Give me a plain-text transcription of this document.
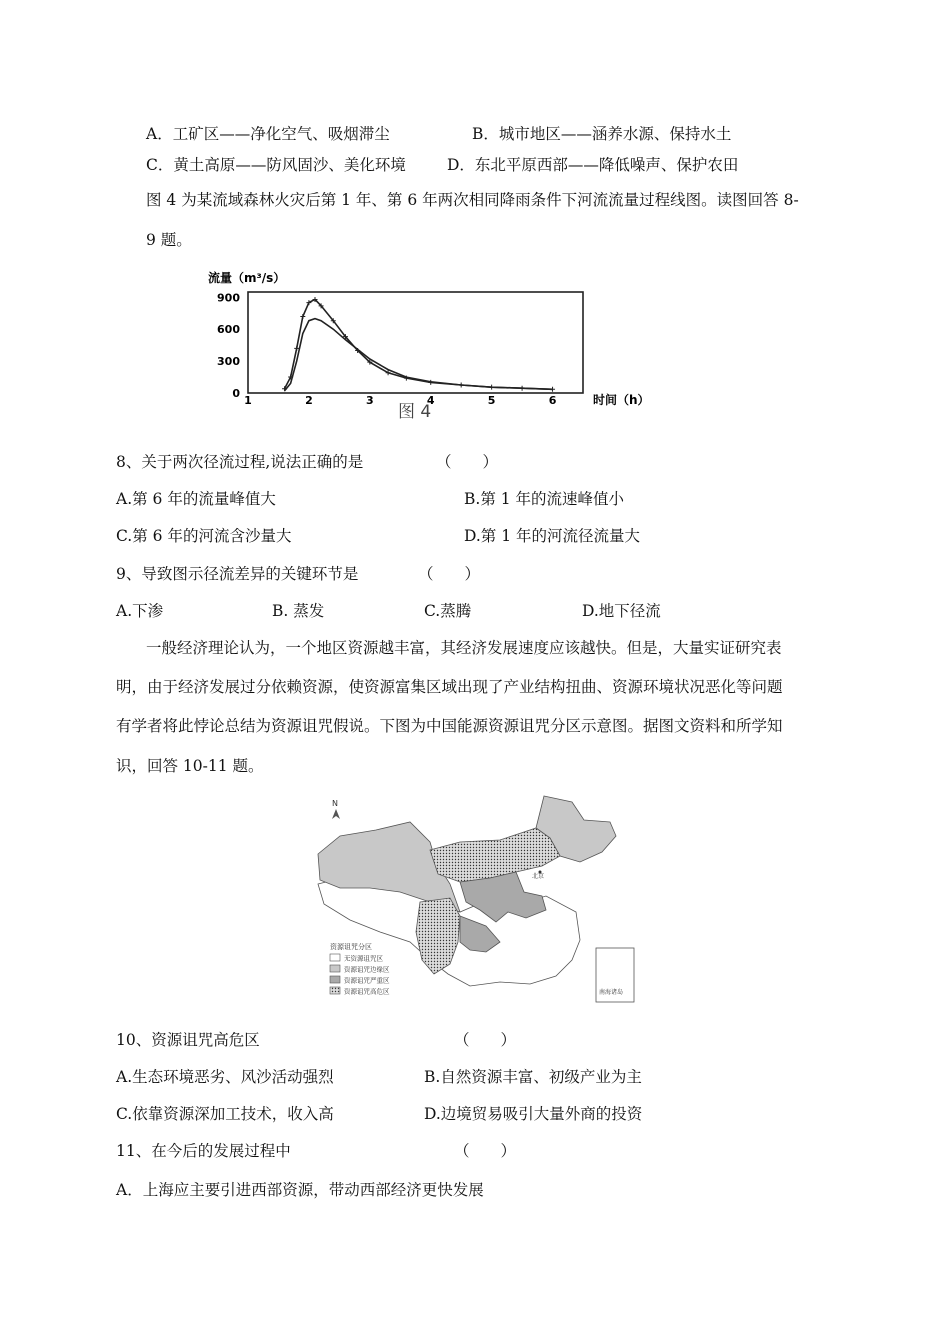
A．工矿区——净化空气、吸烟滞尘	B．城市地区——涵养水源、保持水土
C．黄土高原——防风固沙、美化环境	D．东北平原西部——降低噪声、保护农田
图 4 为某流域森林火灾后第 1 年、第 6 年两次相同降雨条件下河流流量过程线图。读图回答 8-
9 题。
流量（m³/s）
0
300
600
900
1	2	3	4	5	6	时间（h）
图 4
8、关于两次径流过程,说法正确的是	（　　）
A.第 6 年的流量峰值大	B.第 1 年的流速峰值小
C.第 6 年的河流含沙量大	D.第 1 年的河流径流量大
9、导致图示径流差异的关键环节是	（　　）
A.下渗	B. 蒸发	C.蒸腾	D.地下径流
一般经济理论认为，一个地区资源越丰富，其经济发展速度应该越快。但是，大量实证研究表
明，由于经济发展过分依赖资源，使资源富集区域出现了产业结构扭曲、资源环境状况恶化等问题
有学者将此悖论总结为资源诅咒假说。下图为中国能源资源诅咒分区示意图。据图文资料和所学知
识，回答 10-11 题。
N
北京
资源诅咒分区
无资源诅咒区
资源诅咒边缘区
资源诅咒严重区
资源诅咒高危区	南海诸岛
10、资源诅咒高危区	（　　）
A.生态环境恶劣、风沙活动强烈	B.自然资源丰富、初级产业为主
C.依靠资源深加工技术，收入高	D.边境贸易吸引大量外商的投资
11、在今后的发展过程中	（　　）
A．上海应主要引进西部资源，带动西部经济更快发展
